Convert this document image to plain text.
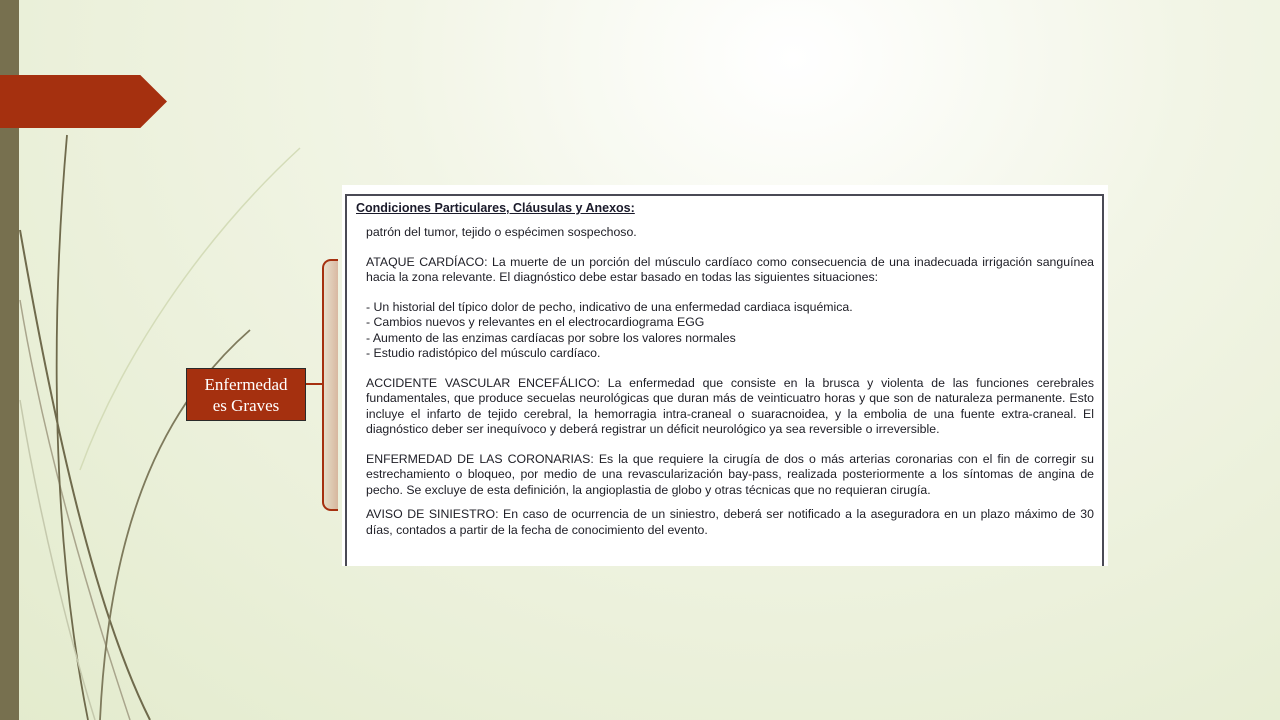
Enfermedad
es Graves
Condiciones Particulares, Cláusulas y Anexos:

patrón del tumor, tejido o espécimen sospechoso.

ATAQUE CARDÍACO: La muerte de un porción del músculo cardíaco como consecuencia de una inadecuada irrigación sanguínea hacia la zona relevante. El diagnóstico debe estar basado en todas las siguientes situaciones:

- Un historial del típico dolor de pecho, indicativo de una enfermedad cardiaca isquémica.

- Cambios nuevos y relevantes en el electrocardiograma EGG

- Aumento de las enzimas cardíacas por sobre los valores normales

- Estudio radistópico del músculo cardíaco.

ACCIDENTE VASCULAR ENCEFÁLICO: La enfermedad que consiste en la brusca y violenta de las funciones cerebrales fundamentales, que produce secuelas neurológicas que duran más de veinticuatro horas y que son de naturaleza permanente. Esto incluye el infarto de tejido cerebral, la hemorragia intra-craneal o suaracnoidea, y la embolia de una fuente extra-craneal. El diagnóstico deber ser inequívoco y deberá registrar un déficit neurológico ya sea reversible o irreversible.

ENFERMEDAD DE LAS CORONARIAS: Es la que requiere la cirugía de dos o más arterias coronarias con el fin de corregir su estrechamiento o bloqueo, por medio de una revascularización bay-pass, realizada posteriormente a los síntomas de angina de pecho. Se excluye de esta definición, la angioplastia de globo y otras técnicas que no requieran cirugía.

AVISO DE SINIESTRO: En caso de ocurrencia de un siniestro, deberá ser notificado a la aseguradora en un plazo máximo de 30 días, contados a partir de la fecha de conocimiento del evento.
